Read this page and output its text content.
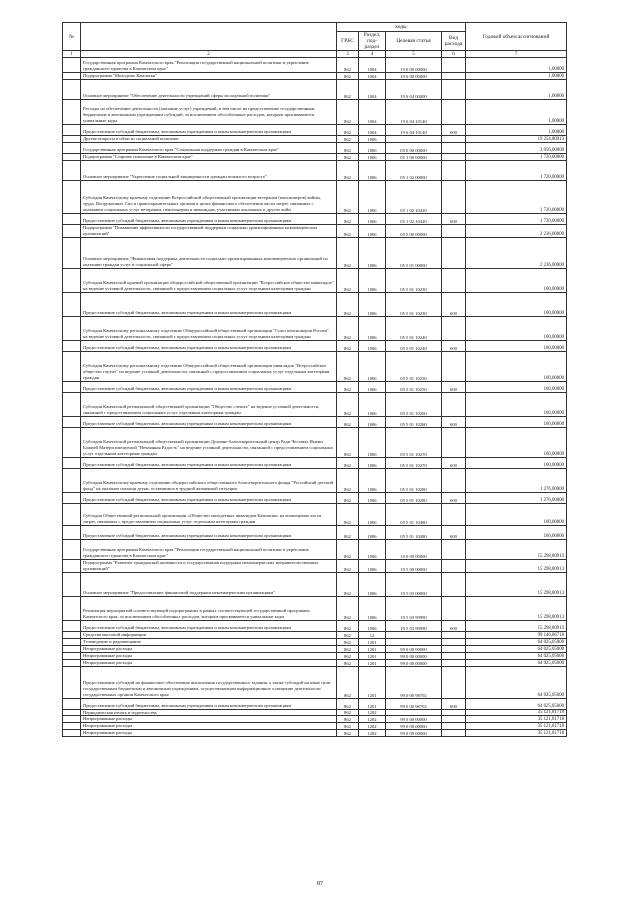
№		коды				Годовой объем ассигнований
		ГРБС	Раздел, под-раздел	Целевая статья	Вид расхода	
1	2	3	4	5	6	7
	Государственная программа Камчатского края "Реализация государственной национальной политики и укрепление гражданского единства в Камчатском крае"	862	1004	19 0 00 00000		1,00000
	Подпрограмма "Молодежь Камчатки"	862	1004	19 6 00 00000		1,00000
	Основное мероприятие "Обеспечение деятельности учреждений сферы молодежной политики"	862	1004	19 6 04 00000		1,00000
	Расходы на обеспечение деятельности (оказание услуг) учреждений, в том числе на предоставление государственным бюджетным и автономным учреждениям субсидий, за исключением обособленных расходов, которым присваиваются уникальные коды	862	1004	19 6 04 10140		1,00000
	Предоставление субсидий бюджетным, автономным учреждениям и иным некоммерческим организациям	862	1004	19 6 04 10140	600	1,00000
	Другие вопросы в области социальной политики	862	1006			19 254,80913
	Государственная программа Камчатского края "Социальная поддержка граждан в Камчатском крае"	862	1006	05 0 00 00000		3 956,00000
	Подпрограмма "Старшее поколение в Камчатском крае"	862	1006	05 1 00 00000		1 720,00000
	Основное мероприятие "Укрепление социальной защищенности граждан пожилого возраста"	862	1006	05 1 02 00000		1 720,00000
	Субсидия Камчатскому краевому отделению Всероссийской общественной организации ветеранов (пенсионеров) войны, труда, Вооруженных Сил и правоохранительных органов в целях финансового обеспечения части затрат, связанных с оказанием социальных услуг ветеранам, пенсионерам и инвалидам, участникам локальных и других войн	862	1006	05 1 02 10420		1 720,00000
	Предоставление субсидий бюджетным, автономным учреждениям и иным некоммерческим организациям	862	1006	05 1 02 10420	600	1 720,00000
	Подпрограмма "Повышение эффективности государственной поддержки социально ориентированных некоммерческих организаций"	862	1006	05 5 00 00000		2 236,00000
	Основное мероприятие "Финансовая поддержка деятельности социально ориентированных некоммерческих организаций по оказанию граждан услуг в социальной сфере"	862	1006	05 5 01 00000		2 236,00000
	Субсидия Камчатской краевой организации общероссийской общественной организации "Всероссийское общество инвалидов" на ведение уставной деятельности, связанной с предоставлением социальных услуг отдельным категориям граждан	862	1006	05 5 01 10230		160,00000
	Предоставление субсидий бюджетным, автономным учреждениям и иным некоммерческим организациям	862	1006	05 5 01 10230	600	160,00000
	Субсидия Камчатскому региональному отделению Общероссийской общественной организации "Союз пенсионеров России" на ведение уставной деятельности, связанной с предоставлением социальных услуг отдельным категориям граждан	862	1006	05 5 01 10240		160,00000
	Предоставление субсидий бюджетным, автономным учреждениям и иным некоммерческим организациям	862	1006	05 5 01 10240	600	160,00000
	Субсидия Камчатскому региональному отделению Общероссийской общественной организации инвалидов "Всероссийское общество глухих" на ведение уставной деятельности, связанной с предоставлением социальных услуг отдельным категориям граждан	862	1006	05 5 01 10250		160,00000
	Предоставление субсидий бюджетным, автономным учреждениям и иным некоммерческим организациям	862	1006	05 5 01 10250	600	160,00000
	Субсидия Камчатской региональной общественной организации "Общество слепых" на ведение уставной деятельности, связанной с предоставлением социальных услуг отдельным категориям граждан	862	1006	05 5 01 10260		160,00000
	Предоставление субсидий бюджетным, автономным учреждениям и иным некоммерческим организациям	862	1006	05 5 01 10260	600	160,00000
	Субсидия Камчатской региональной общественной организации Духовно-благотворительный центр Ради Честных Имени Божией Матери именуемой "Нечаянная Радость" на ведение уставной деятельности, связанной с предоставлением социальных услуг отдельным категориям граждан	862	1006	05 5 01 10270		160,00000
	Предоставление субсидий бюджетным, автономным учреждениям и иным некоммерческим организациям	862	1006	05 5 01 10270	600	160,00000
	Субсидия Камчатскому краевому отделению общероссийского общественного благотворительного фонда "Российский детский фонд" на оказание помощи детям, оставшимся в трудной жизненной ситуации	862	1006	05 5 01 10280		1 276,00000
	Предоставление субсидий бюджетным, автономным учреждениям и иным некоммерческим организациям	862	1006	05 5 01 10280	600	1 276,00000
	Субсидия Общественной региональной организации «Общество малодетных инвалидов Камчатки» на возмещение части затрат, связанных с предоставлением социальных услуг отдельным категориям граждан	862	1006	05 5 01 10480		160,00000
	Предоставление субсидий бюджетным, автономным учреждениям и иным некоммерческим организациям	862	1006	05 5 01 10480	600	160,00000
	Государственная программа Камчатского края "Реализация государственной национальной политики и укрепление гражданского единства в Камчатском крае"	862	1006	19 0 00 00000		15 298,80913
	Подпрограмма "Развитие гражданской активности и государственная поддержка некоммерческих неправительственных организаций"	862	1006	19 5 00 00000		15 298,80913
	Основное мероприятие "Предоставление финансовой поддержки некоммерческим организациям"	862	1006	19 5 03 00000		15 298,80913
	Реализация мероприятий соответствующей подпрограммы в рамках соответствующей государственной программы Камчатского края, за исключением обособленных расходов, которым присваиваются уникальные коды	862	1006	19 5 03 99990		15 298,80913
	Предоставление субсидий бюджетным, автономным учреждениям и иным некоммерческим организациям	862	1006	19 5 03 99990	600	15 298,80913
	Средства массовой информации	862	12			99 146,86718
	Телевидение и радиовещание	862	1201			64 025,05000
	Непрограммные расходы	862	1201	99 0 00 00000		64 025,05000
	Непрограммные расходы	862	1201	99 0 00 00000		64 025,05000
	Непрограммные расходы	862	1201	99 0 00 00000		64 025,05000
	Предоставление субсидий на финансовое обеспечение выполнения государственного задания, а также субсидий на иные цели государственным бюджетным и автономным учреждениям, осуществляющим информационное освещение деятельности государственных органов Камчатского края	862	1201	99 0 00 98702		64 025,05000
	Предоставление субсидий бюджетным, автономным учреждениям и иным некоммерческим организациям	862	1201	99 0 00 98702	600	64 025,05000
	Периодическая печать и издательства	862	1202			35 121,81718
	Непрограммные расходы	862	1202	99 0 00 00000		35 121,81718
	Непрограммные расходы	862	1202	99 0 00 00000		35 121,81718
	Непрограммные расходы	862	1202	99 0 00 00000		35 121,81718
87
